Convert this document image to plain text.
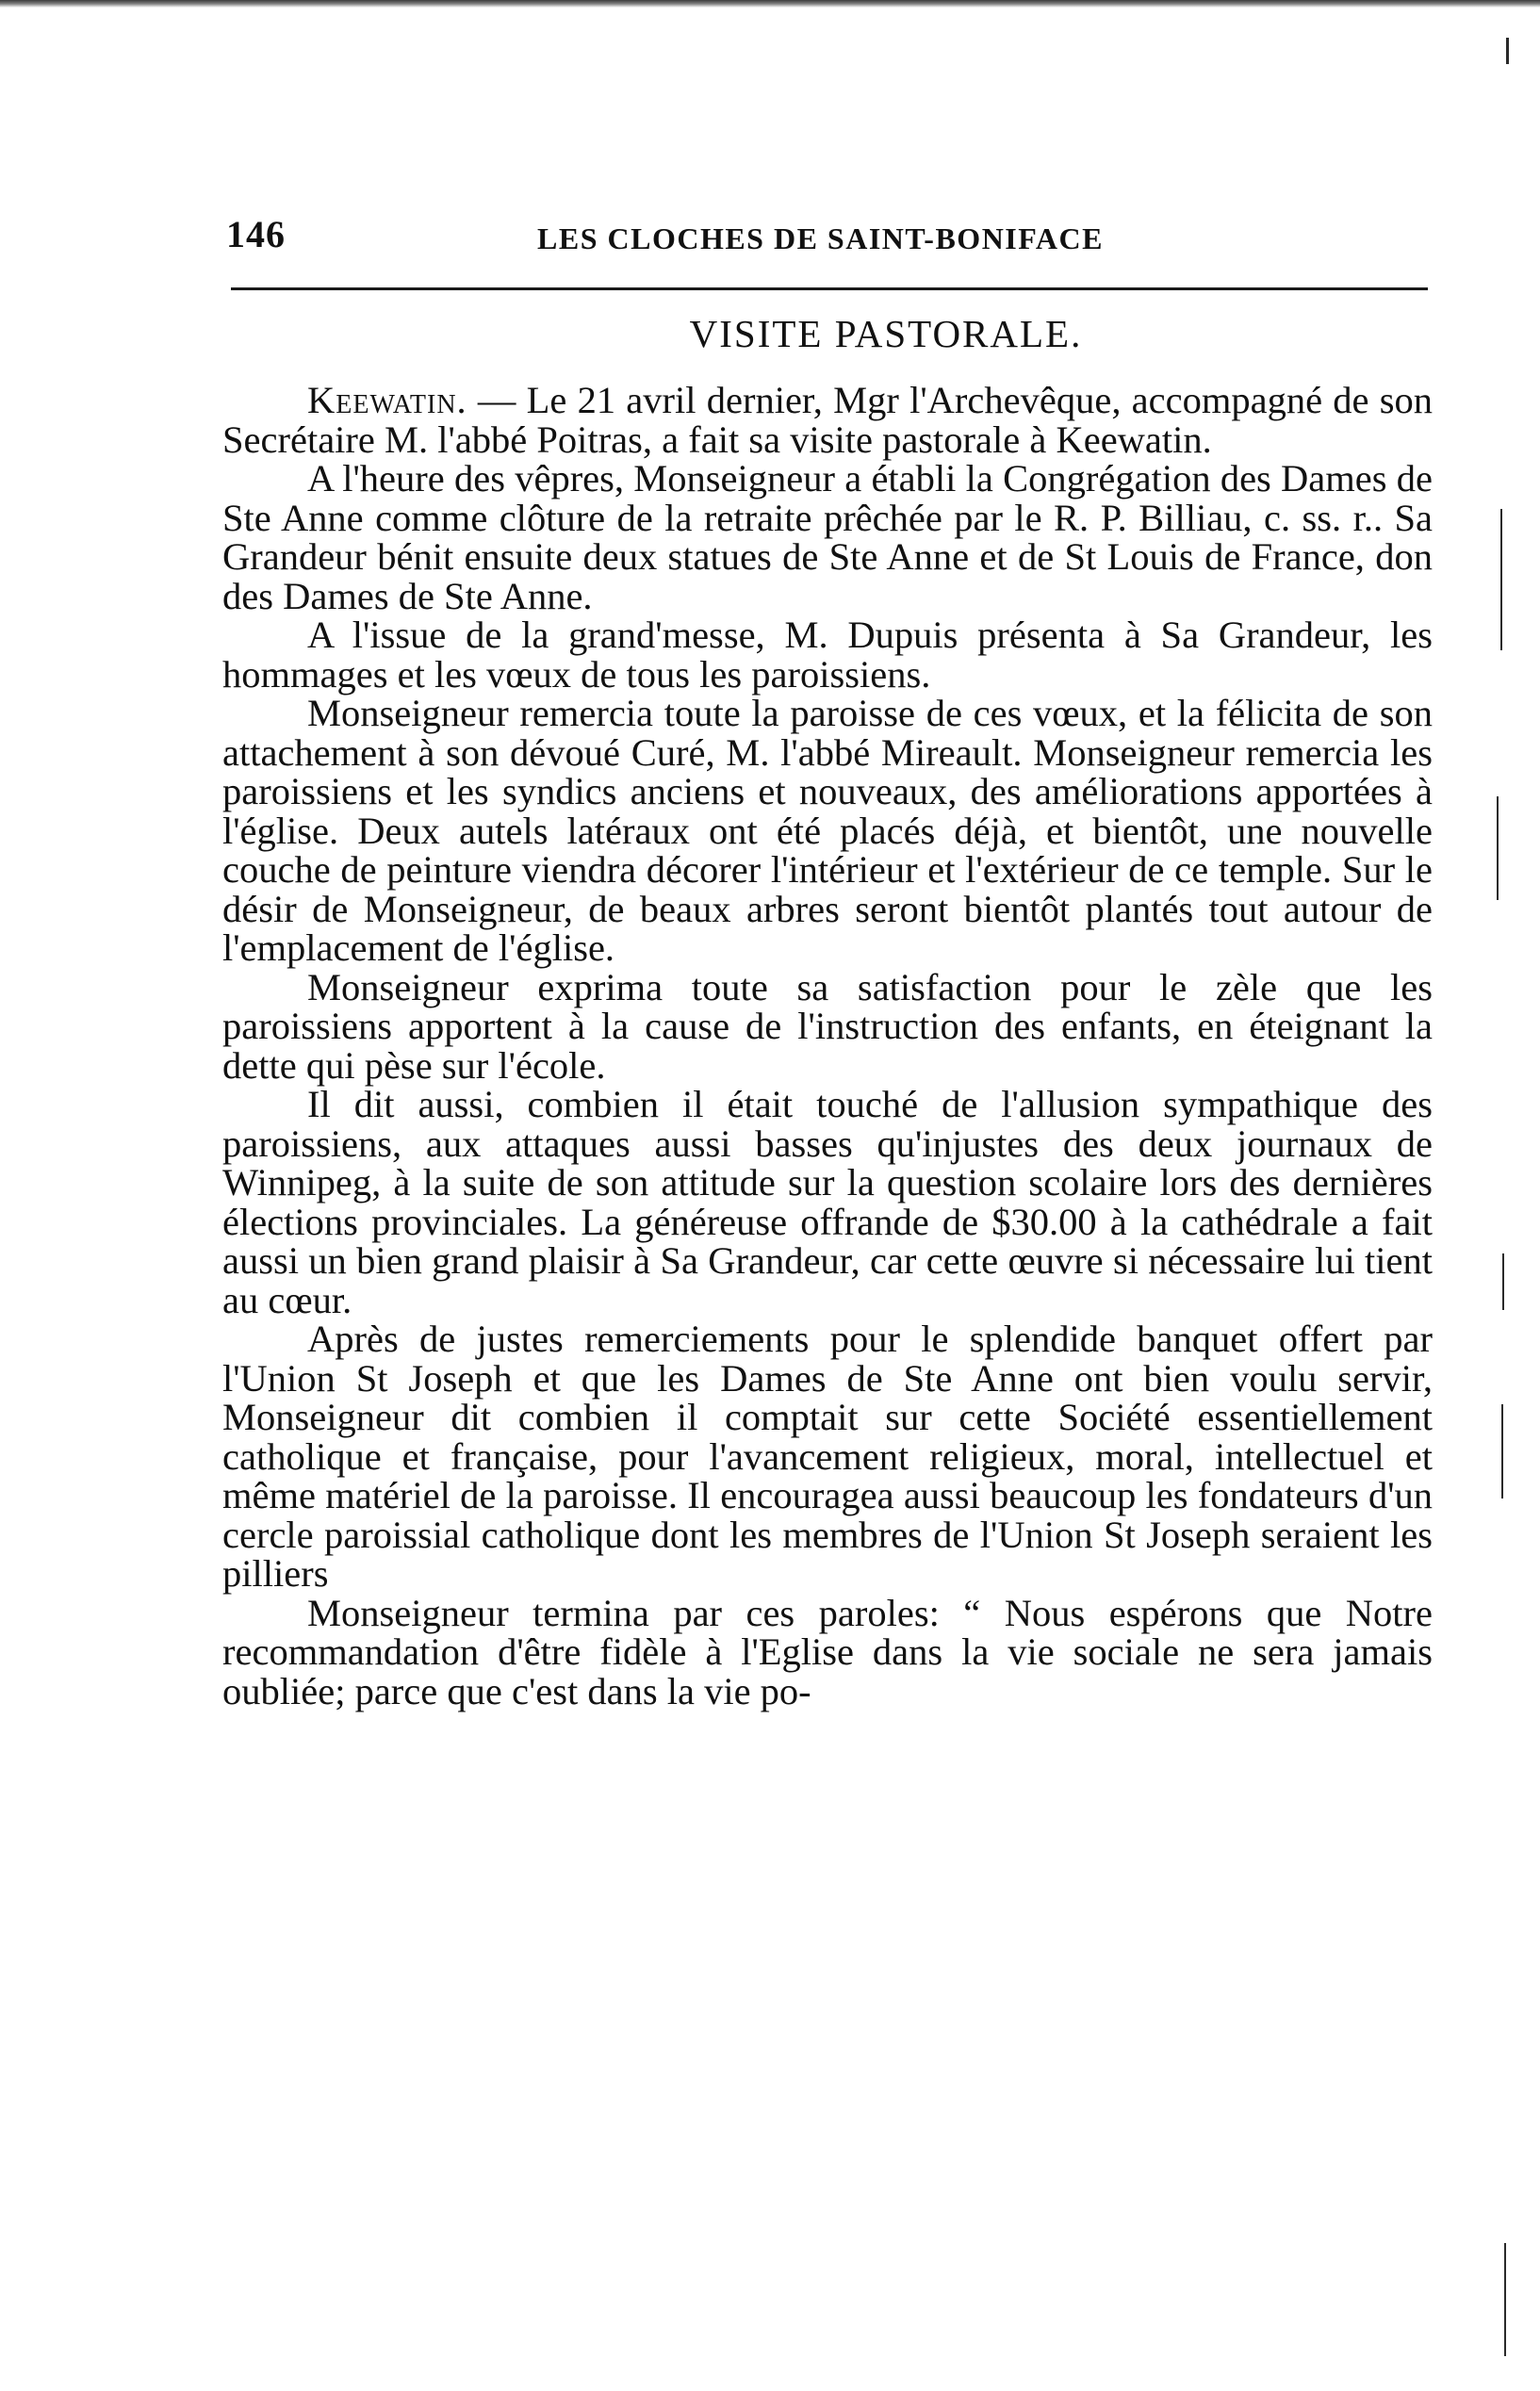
146	LES CLOCHES DE SAINT-BONIFACE
VISITE PASTORALE.

Keewatin. — Le 21 avril dernier, Mgr l'Archevêque, accompagné de son Secrétaire M. l'abbé Poitras, a fait sa visite pastorale à Keewatin.

A l'heure des vêpres, Monseigneur a établi la Congrégation des Dames de Ste Anne comme clôture de la retraite prêchée par le R. P. Billiau, c. ss. r.. Sa Grandeur bénit ensuite deux statues de Ste Anne et de St Louis de France, don des Dames de Ste Anne.

A l'issue de la grand'messe, M. Dupuis présenta à Sa Grandeur, les hommages et les vœux de tous les paroissiens.

Monseigneur remercia toute la paroisse de ces vœux, et la félicita de son attachement à son dévoué Curé, M. l'abbé Mireault. Monseigneur remercia les paroissiens et les syndics anciens et nouveaux, des améliorations apportées à l'église. Deux autels latéraux ont été placés déjà, et bientôt, une nouvelle couche de peinture viendra décorer l'intérieur et l'extérieur de ce temple. Sur le désir de Monseigneur, de beaux arbres seront bientôt plantés tout autour de l'emplacement de l'église.

Monseigneur exprima toute sa satisfaction pour le zèle que les paroissiens apportent à la cause de l'instruction des enfants, en éteignant la dette qui pèse sur l'école.

Il dit aussi, combien il était touché de l'allusion sympathique des paroissiens, aux attaques aussi basses qu'injustes des deux journaux de Winnipeg, à la suite de son attitude sur la question scolaire lors des dernières élections provinciales. La généreuse offrande de $30.00 à la cathédrale a fait aussi un bien grand plaisir à Sa Grandeur, car cette œuvre si nécessaire lui tient au cœur.

Après de justes remerciements pour le splendide banquet offert par l'Union St Joseph et que les Dames de Ste Anne ont bien voulu servir, Monseigneur dit combien il comptait sur cette Société essentiellement catholique et française, pour l'avancement religieux, moral, intellectuel et même matériel de la paroisse. Il encouragea aussi beaucoup les fondateurs d'un cercle paroissial catholique dont les membres de l'Union St Joseph seraient les pilliers

Monseigneur termina par ces paroles: “ Nous espérons que Notre recommandation d'être fidèle à l'Eglise dans la vie sociale ne sera jamais oubliée; parce que c'est dans la vie po-
